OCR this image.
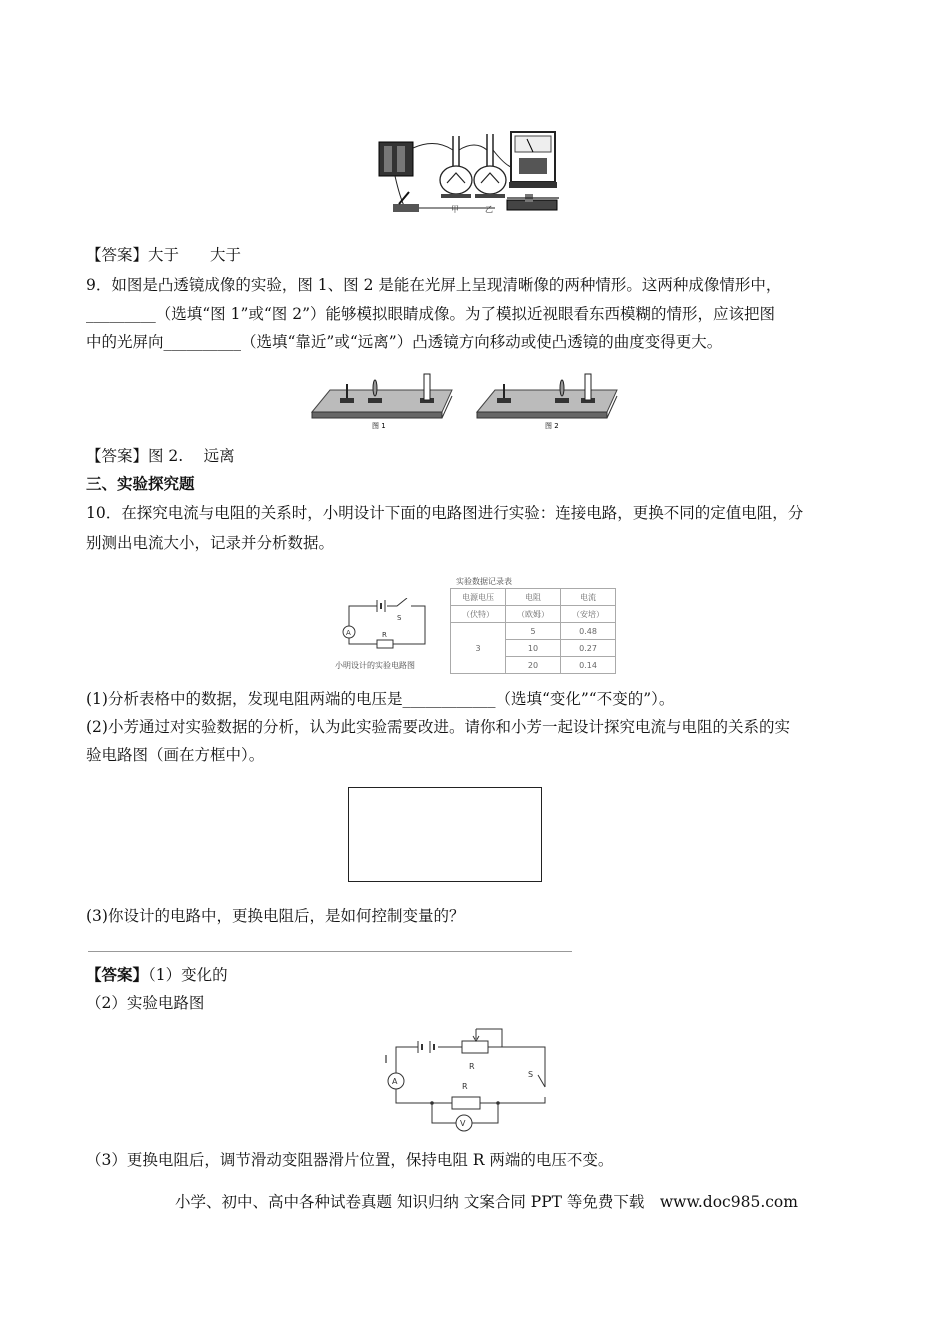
甲	乙
【答案】大于　　大于
9．如图是凸透镜成像的实验，图 1、图 2 是能在光屏上呈现清晰像的两种情形。这两种成像情形中，
_________（选填“图 1”或“图 2”）能够模拟眼睛成像。为了模拟近视眼看东西模糊的情形，应该把图
中的光屏向__________（选填“靠近”或“远离”）凸透镜方向移动或使凸透镜的曲度变得更大。
图 1	图 2
【答案】图 2.　 远离
三、实验探究题
10．在探究电流与电阻的关系时，小明设计下面的电路图进行实验：连接电路，更换不同的定值电阻，分
别测出电流大小，记录并分析数据。
A	R
S
小明设计的实验电路图
实验数据记录表
电源电压	电阻	电流
（伏特）	（欧姆）	（安培）
3	5	0.48
	10	0.27
	20	0.14
(1)分析表格中的数据，发现电阻两端的电压是____________（选填“变化”“不变的”）。
(2)小芳通过对实验数据的分析，认为此实验需要改进。请你和小芳一起设计探究电流与电阻的关系的实
验电路图（画在方框中）。
(3)你设计的电路中，更换电阻后，是如何控制变量的？
【答案】（1）变化的
（2）实验电路图
R
A
S
R
V
（3）更换电阻后，调节滑动变阻器滑片位置，保持电阻 R 两端的电压不变。
小学、初中、高中各种试卷真题 知识归纳 文案合同 PPT 等免费下载　www.doc985.com
